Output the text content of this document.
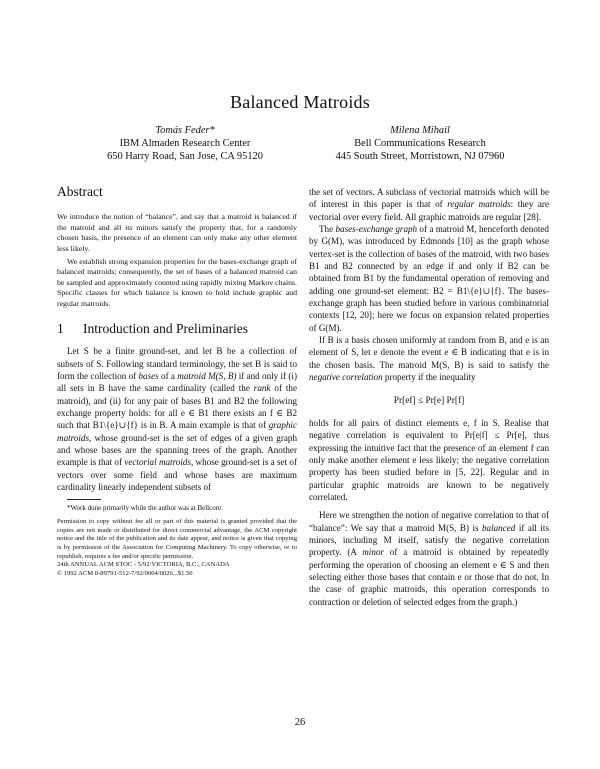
Balanced Matroids
Tomás Feder*
IBM Almaden Research Center
650 Harry Road, San Jose, CA 95120
Milena Mihail
Bell Communications Research
445 South Street, Morristown, NJ 07960
Abstract

We introduce the notion of “balance”, and say that a matroid is balanced if the matroid and all its minors satisfy the property that, for a randomly chosen basis, the presence of an element can only make any other element less likely.

We establish strong expansion properties for the bases-exchange graph of balanced matroids; consequently, the set of bases of a balanced matroid can be sampled and approximately counted using rapidly mixing Markov chains. Specific classes for which balance is known to hold include graphic and regular matroids.

1 Introduction and Preliminaries

Let S be a finite ground-set, and let B be a collection of subsets of S. Following standard terminology, the set B is said to form the collection of bases of a matroid M(S, B) if and only if (i) all sets in B have the same cardinality (called the rank of the matroid), and (ii) for any pair of bases B1 and B2 the following exchange property holds: for all e ∈ B1 there exists an f ∈ B2 such that B1\{e}∪{f} is in B. A main example is that of graphic matroids, whose ground-set is the set of edges of a given graph and whose bases are the spanning trees of the graph. Another example is that of vectorial matroids, whose ground-set is a set of vectors over some field and whose bases are maximum cardinality linearly independent subsets of

*Work done primarily while the author was at Bellcore.

Permission to copy without fee all or part of this material is granted provided that the copies are not made or distributed for direct commercial advantage, the ACM copyright notice and the title of the publication and its date appear, and notice is given that copying is by permission of the Association for Computing Machinery. To copy otherwise, or to republish, requires a fee and/or specific permission.

24th ANNUAL ACM STOC - 5/92/VICTORIA, B.C., CANADA

© 1992 ACM 0-89791-512-7/92/0004/0026...$1.50

the set of vectors. A subclass of vectorial matroids which will be of interest in this paper is that of regular matroids: they are vectorial over every field. All graphic matroids are regular [28].

The bases-exchange graph of a matroid M, henceforth denoted by G(M), was introduced by Edmonds [10] as the graph whose vertex-set is the collection of bases of the matroid, with two bases B1 and B2 connected by an edge if and only if B2 can be obtained from B1 by the fundamental operation of removing and adding one ground-set element: B2 = B1\{e}∪{f}. The bases-exchange graph has been studied before in various combinatorial contexts [12, 20]; here we focus on expansion related properties of G(M).

If B is a basis chosen uniformly at random from B, and e is an element of S, let e denote the event e ∈ B indicating that e is in the chosen basis. The matroid M(S, B) is said to satisfy the negative correlation property if the inequality

Pr[ef] ≤ Pr[e] Pr[f]

holds for all pairs of distinct elements e, f in S. Realise that negative correlation is equivalent to Pr[e|f] ≤ Pr[e], thus expressing the intuitive fact that the presence of an element f can only make another element e less likely; the negative correlation property has been studied before in [5, 22]. Regular and in particular graphic matroids are known to be negatively correlated.

Here we strengthen the notion of negative correlation to that of “balance”: We say that a matroid M(S, B) is balanced if all its minors, including M itself, satisfy the negative correlation property. (A minor of a matroid is obtained by repeatedly performing the operation of choosing an element e ∈ S and then selecting either those bases that contain e or those that do not. In the case of graphic matroids, this operation corresponds to contraction or deletion of selected edges from the graph.)

26
